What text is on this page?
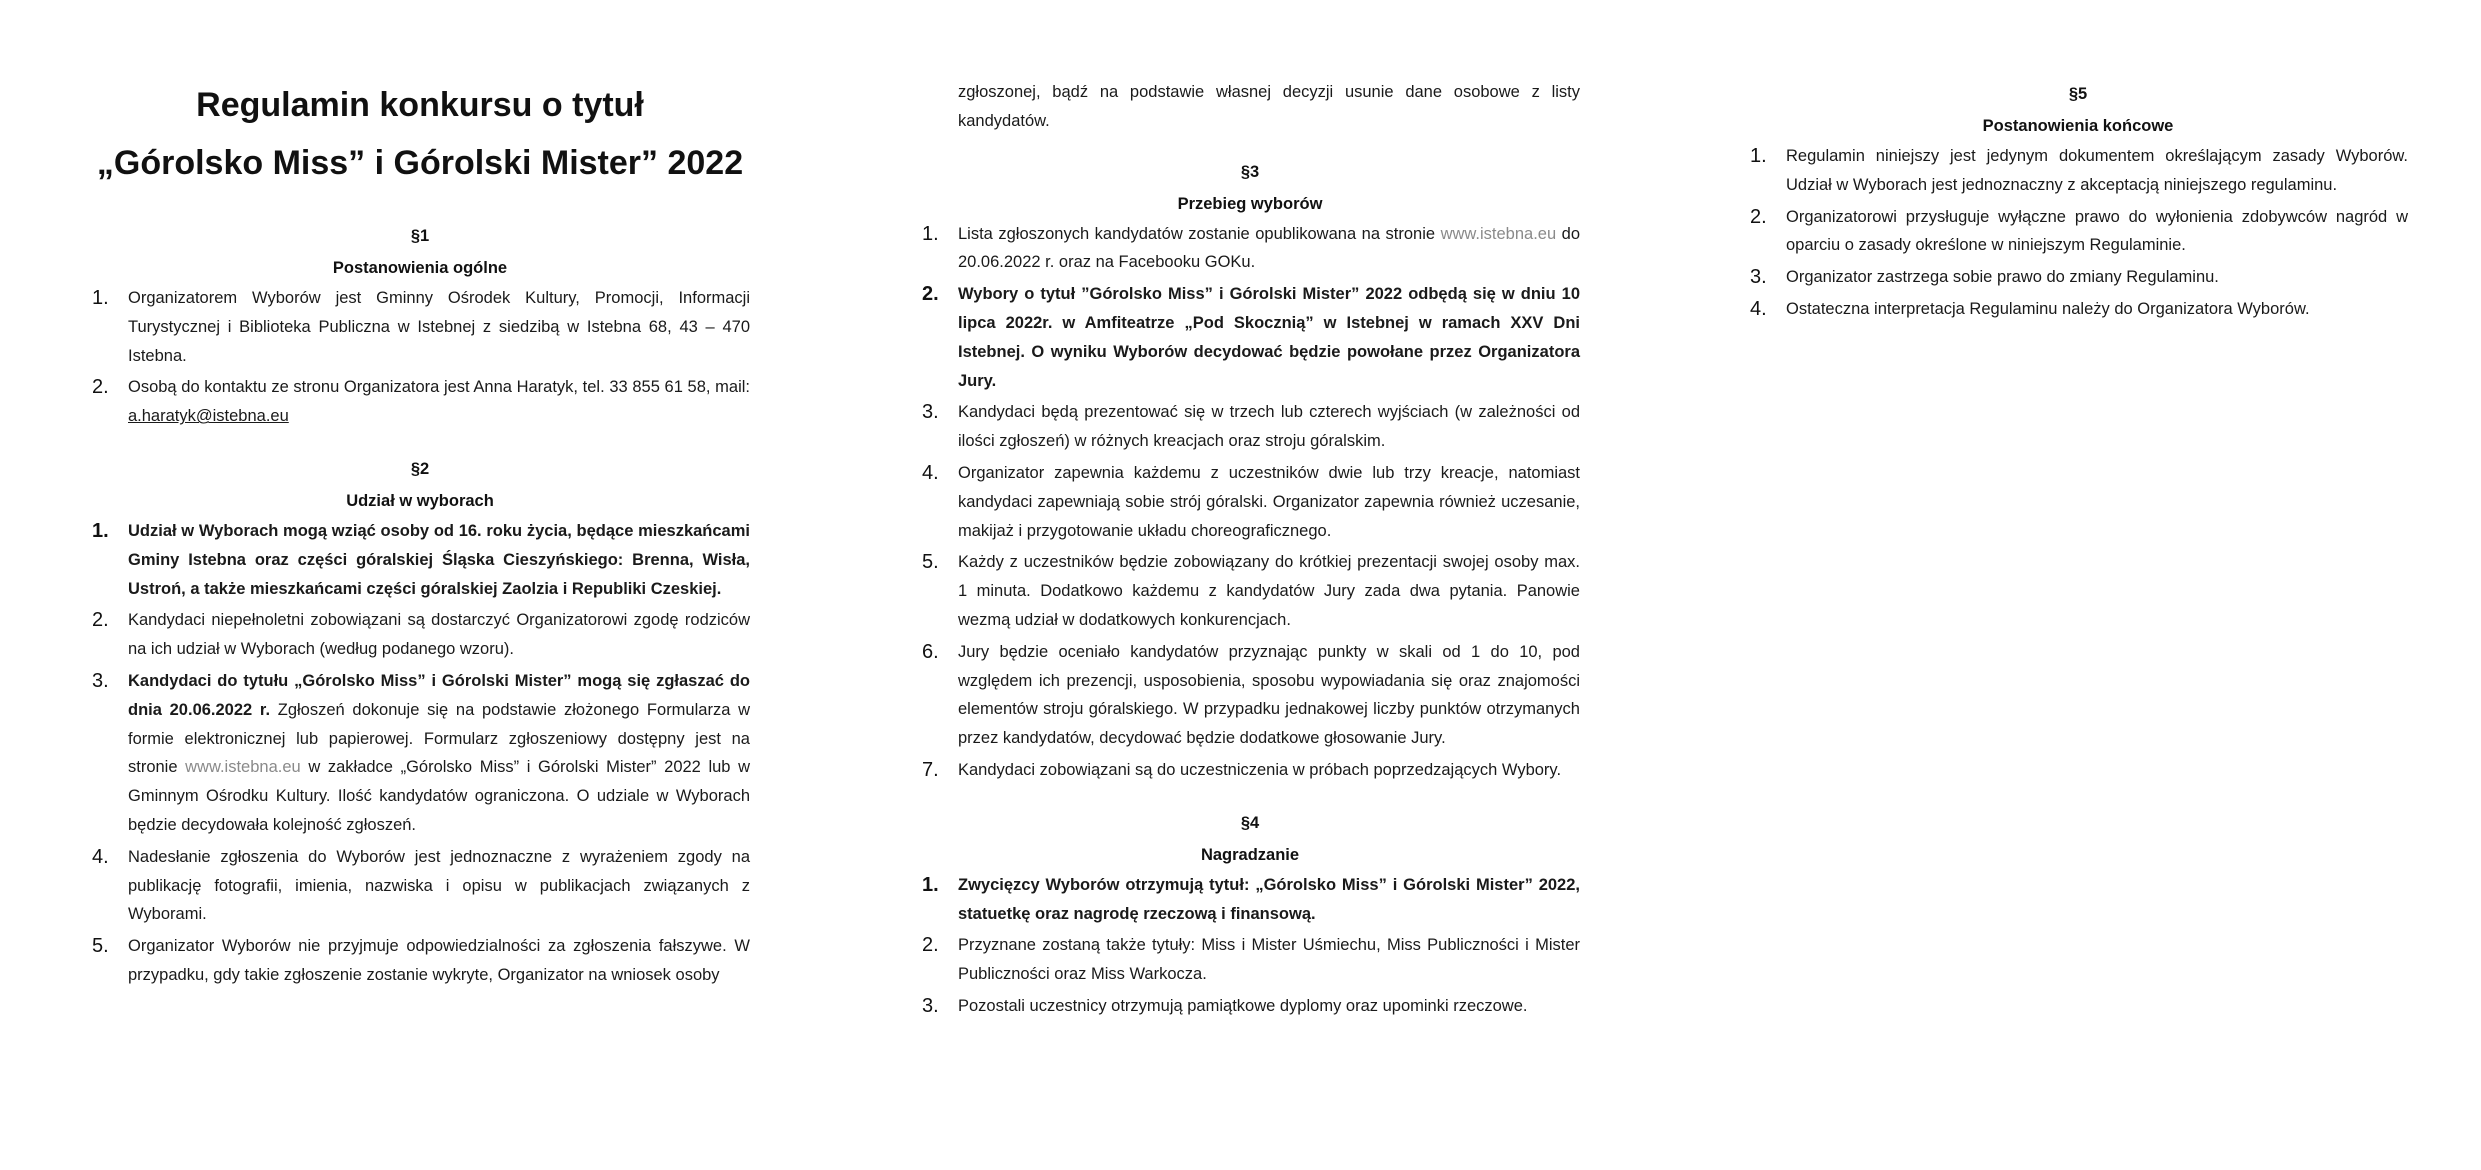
Regulamin konkursu o tytuł

„Górolsko Miss” i Górolski Mister” 2022

§1
Postanowienia ogólne
1. Organizatorem Wyborów jest Gminny Ośrodek Kultury, Promocji, Informacji Turystycznej i Biblioteka Publiczna w Istebnej z siedzibą w Istebna 68, 43 – 470 Istebna.
2. Osobą do kontaktu ze stronu Organizatora jest Anna Haratyk, tel. 33 855 61 58, mail: a.haratyk@istebna.eu
§2
Udział w wyborach
1. Udział w Wyborach mogą wziąć osoby od 16. roku życia, będące mieszkańcami Gminy Istebna oraz części góralskiej Śląska Cieszyńskiego: Brenna, Wisła, Ustroń, a także mieszkańcami części góralskiej Zaolzia i Republiki Czeskiej.
2. Kandydaci niepełnoletni zobowiązani są dostarczyć Organizatorowi zgodę rodziców na ich udział w Wyborach (według podanego wzoru).
3. Kandydaci do tytułu „Górolsko Miss” i Górolski Mister” mogą się zgłaszać do dnia 20.06.2022 r. Zgłoszeń dokonuje się na podstawie złożonego Formularza w formie elektronicznej lub papierowej. Formularz zgłoszeniowy dostępny jest na stronie www.istebna.eu w zakładce „Górolsko Miss” i Górolski Mister” 2022 lub w Gminnym Ośrodku Kultury. Ilość kandydatów ograniczona. O udziale w Wyborach będzie decydowała kolejność zgłoszeń.
4. Nadesłanie zgłoszenia do Wyborów jest jednoznaczne z wyrażeniem zgody na publikację fotografii, imienia, nazwiska i opisu w publikacjach związanych z Wyborami.
5. Organizator Wyborów nie przyjmuje odpowiedzialności za zgłoszenia fałszywe. W przypadku, gdy takie zgłoszenie zostanie wykryte, Organizator na wniosek osoby
zgłoszonej, bądź na podstawie własnej decyzji usunie dane osobowe z listy kandydatów.
§3
Przebieg wyborów
1. Lista zgłoszonych kandydatów zostanie opublikowana na stronie www.istebna.eu do 20.06.2022 r. oraz na Facebooku GOKu.
2. Wybory o tytuł ”Górolsko Miss” i Górolski Mister” 2022 odbędą się w dniu 10 lipca 2022r. w Amfiteatrze „Pod Skocznią” w Istebnej w ramach XXV Dni Istebnej. O wyniku Wyborów decydować będzie powołane przez Organizatora Jury.
3. Kandydaci będą prezentować się w trzech lub czterech wyjściach (w zależności od ilości zgłoszeń) w różnych kreacjach oraz stroju góralskim.
4. Organizator zapewnia każdemu z uczestników dwie lub trzy kreacje, natomiast kandydaci zapewniają sobie strój góralski. Organizator zapewnia również uczesanie, makijaż i przygotowanie układu choreograficznego.
5. Każdy z uczestników będzie zobowiązany do krótkiej prezentacji swojej osoby max. 1 minuta. Dodatkowo każdemu z kandydatów Jury zada dwa pytania. Panowie wezmą udział w dodatkowych konkurencjach.
6. Jury będzie oceniało kandydatów przyznając punkty w skali od 1 do 10, pod względem ich prezencji, usposobienia, sposobu wypowiadania się oraz znajomości elementów stroju góralskiego. W przypadku jednakowej liczby punktów otrzymanych przez kandydatów, decydować będzie dodatkowe głosowanie Jury.
7. Kandydaci zobowiązani są do uczestniczenia w próbach poprzedzających Wybory.
§4
Nagradzanie
1. Zwycięzcy Wyborów otrzymują tytuł: „Górolsko Miss” i Górolski Mister” 2022, statuetkę oraz nagrodę rzeczową i finansową.
2. Przyznane zostaną także tytuły: Miss i Mister Uśmiechu, Miss Publiczności i Mister Publiczności oraz Miss Warkocza.
3. Pozostali uczestnicy otrzymują pamiątkowe dyplomy oraz upominki rzeczowe.
§5
Postanowienia końcowe
1. Regulamin niniejszy jest jedynym dokumentem określającym zasady Wyborów. Udział w Wyborach jest jednoznaczny z akceptacją niniejszego regulaminu.
2. Organizatorowi przysługuje wyłączne prawo do wyłonienia zdobywców nagród w oparciu o zasady określone w niniejszym Regulaminie.
3. Organizator zastrzega sobie prawo do zmiany Regulaminu.
4. Ostateczna interpretacja Regulaminu należy do Organizatora Wyborów.
